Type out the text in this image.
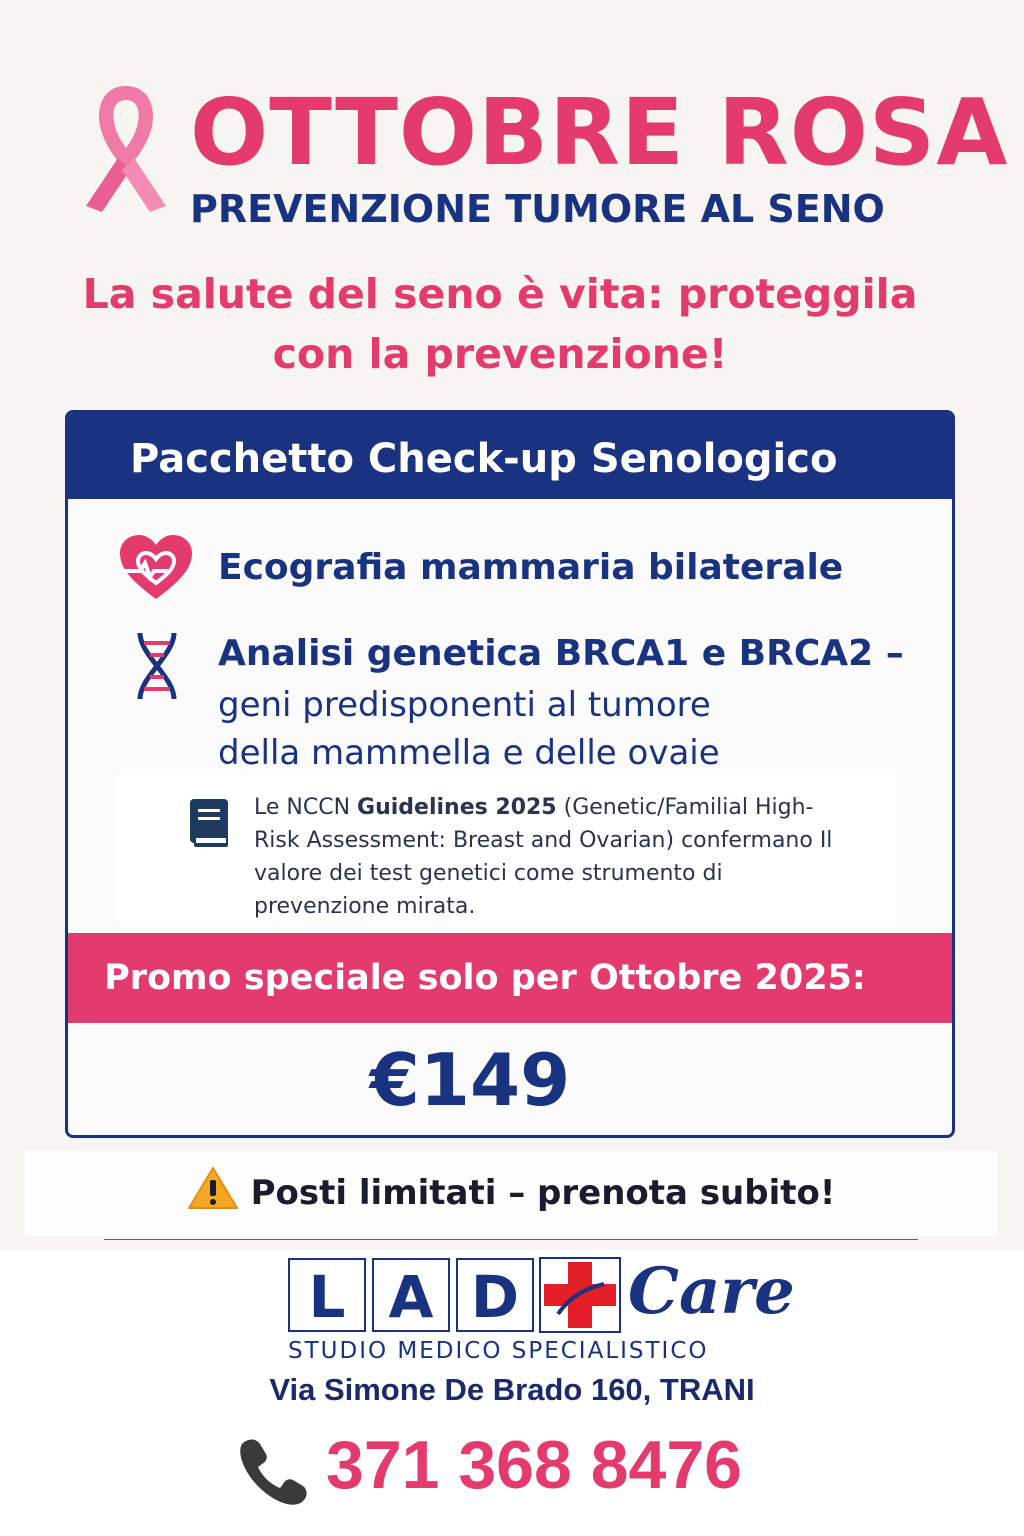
OTTOBRE ROSA
PREVENZIONE TUMORE AL SENO
La salute del seno è vita: proteggila
con la prevenzione!
Pacchetto Check-up Senologico
Ecografia mammaria bilaterale
Analisi genetica BRCA1 e BRCA2 –
geni predisponenti al tumore
della mammella e delle ovaie
Le NCCN Guidelines 2025 (Genetic/Familial High-Risk Assessment: Breast and Ovarian) confermano Il valore dei test genetici come strumento di prevenzione mirata.
Promo speciale solo per Ottobre 2025:
€149
Posti limitati – prenota subito!
L A D Care
STUDIO MEDICO SPECIALISTICO
Via Simone De Brado 160, TRANI
371 368 8476
